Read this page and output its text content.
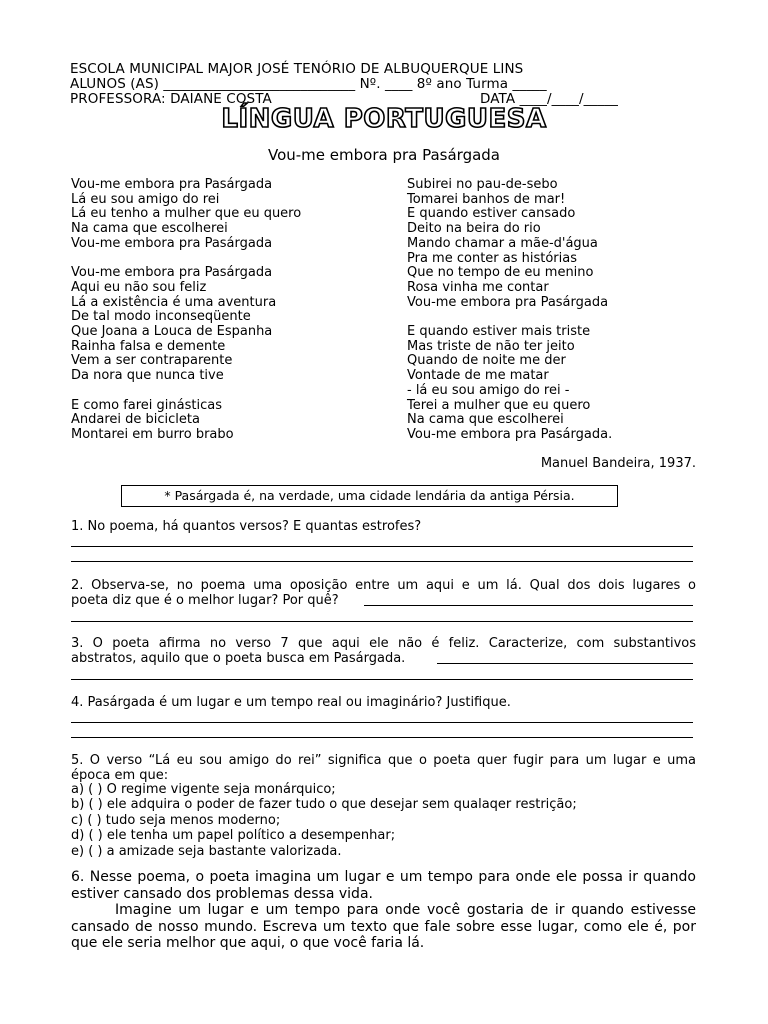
ESCOLA MUNICIPAL MAJOR JOSÉ TENÓRIO DE ALBUQUERQUE LINS
ALUNOS (AS) ____________________________ Nº. ____ 8º ano Turma _____
PROFESSORA: DAIANE COSTA	DATA ____/____/_____
LÍNGUA PORTUGUESA
Vou-me embora pra Pasárgada
Vou-me embora pra Pasárgada
Lá eu sou amigo do rei
Lá eu tenho a mulher que eu quero
Na cama que escolherei
Vou-me embora pra Pasárgada
Vou-me embora pra Pasárgada
Aqui eu não sou feliz
Lá a existência é uma aventura
De tal modo inconseqüente
Que Joana a Louca de Espanha
Rainha falsa e demente
Vem a ser contraparente
Da nora que nunca tive
E como farei ginásticas
Andarei de bicicleta
Montarei em burro brabo
Subirei no pau-de-sebo
Tomarei banhos de mar!
E quando estiver cansado
Deito na beira do rio
Mando chamar a mãe-d'água
Pra me conter as histórias
Que no tempo de eu menino
Rosa vinha me contar
Vou-me embora pra Pasárgada
E quando estiver mais triste
Mas triste de não ter jeito
Quando de noite me der
Vontade de me matar
- lá eu sou amigo do rei -
Terei a mulher que eu quero
Na cama que escolherei
Vou-me embora pra Pasárgada.
Manuel Bandeira, 1937.
* Pasárgada é, na verdade, uma cidade lendária da antiga Pérsia.
1. No poema, há quantos versos? E quantas estrofes?
2. Observa-se, no poema uma oposição entre um aqui e um lá. Qual dos dois lugares o
poeta diz que é o melhor lugar? Por quê?
3. O poeta afirma no verso 7 que aqui ele não é feliz. Caracterize, com substantivos
abstratos, aquilo que o poeta busca em Pasárgada.
4. Pasárgada é um lugar e um tempo real ou imaginário? Justifique.
5. O verso “Lá eu sou amigo do rei” significa que o poeta quer fugir para um lugar e uma
época em que:
a) ( ) O regime vigente seja monárquico;
b) ( ) ele adquira o poder de fazer tudo o que desejar sem qualaqer restrição;
c) ( ) tudo seja menos moderno;
d) ( ) ele tenha um papel político a desempenhar;
e) ( ) a amizade seja bastante valorizada.
6. Nesse poema, o poeta imagina um lugar e um tempo para onde ele possa ir quando estiver cansado dos problemas dessa vida.
Imagine um lugar e um tempo para onde você gostaria de ir quando estivesse cansado de nosso mundo. Escreva um texto que fale sobre esse lugar, como ele é, por que ele seria melhor que aqui, o que você faria lá.
